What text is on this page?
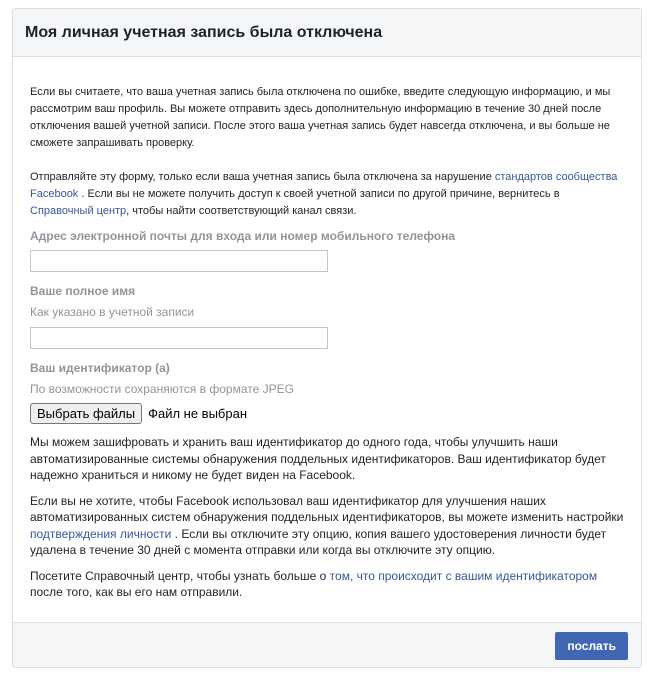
Моя личная учетная запись была отключена

Если вы считаете, что ваша учетная запись была отключена по ошибке, введите следующую информацию, и мы рассмотрим ваш профиль. Вы можете отправить здесь дополнительную информацию в течение 30 дней после отключения вашей учетной записи. После этого ваша учетная запись будет навсегда отключена, и вы больше не сможете запрашивать проверку.

Отправляйте эту форму, только если ваша учетная запись была отключена за нарушение стандартов сообщества Facebook . Если вы не можете получить доступ к своей учетной записи по другой причине, вернитесь в Справочный центр, чтобы найти соответствующий канал связи.

Адрес электронной почты для входа или номер мобильного телефона

Ваше полное имя

Как указано в учетной записи

Ваш идентификатор (а)

По возможности сохраняются в формате JPEG

Выбрать файлы	Файл не выбран

Мы можем зашифровать и хранить ваш идентификатор до одного года, чтобы улучшить наши автоматизированные системы обнаружения поддельных идентификаторов. Ваш идентификатор будет надежно храниться и никому не будет виден на Facebook.

Если вы не хотите, чтобы Facebook использовал ваш идентификатор для улучшения наших автоматизированных систем обнаружения поддельных идентификаторов, вы можете изменить настройки подтверждения личности . Если вы отключите эту опцию, копия вашего удостоверения личности будет удалена в течение 30 дней с момента отправки или когда вы отключите эту опцию.

Посетите Справочный центр, чтобы узнать больше о том, что происходит с вашим идентификатором после того, как вы его нам отправили.

послать
